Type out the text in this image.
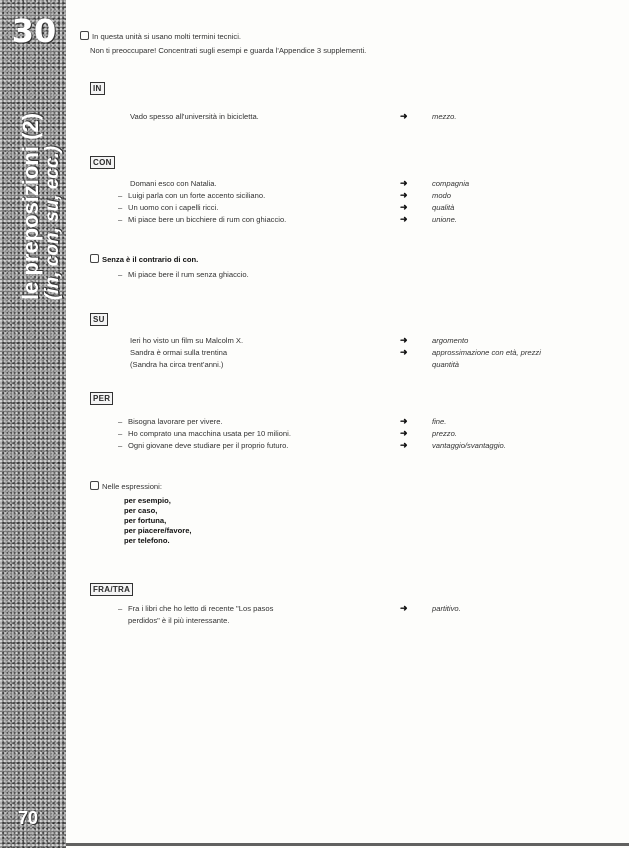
30
le preposizioni (2) (in, con, su, ecc.)
70
In questa unità si usano molti termini tecnici.
Non ti preoccupare! Concentrati sugli esempi e guarda l'Appendice 3 supplementi.
IN
Vado spesso all'università in bicicletta.	➜	mezzo.
CON
Domani esco con Natalia.	➜	compagnia
– Luigi parla con un forte accento siciliano.	➜	modo
– Un uomo con i capelli ricci.	➜	qualità
– Mi piace bere un bicchiere di rum con ghiaccio.	➜	unione.
Senza è il contrario di con.
– Mi piace bere il rum senza ghiaccio.
SU
Ieri ho visto un film su Malcolm X.	➜	argomento
Sandra è ormai sulla trentina	➜	approssimazione con età, prezzi
(Sandra ha circa trent'anni.)	quantità
PER
– Bisogna lavorare per vivere.	➜	fine.
– Ho comprato una macchina usata per 10 milioni.	➜	prezzo.
– Ogni giovane deve studiare per il proprio futuro.	➜	vantaggio/svantaggio.
Nelle espressioni:
per esempio,
per caso,
per fortuna,
per piacere/favore,
per telefono.
FRA/TRA
– Fra i libri che ho letto di recente "Los pasos
perdidos" è il più interessante.
➜	partitivo.
